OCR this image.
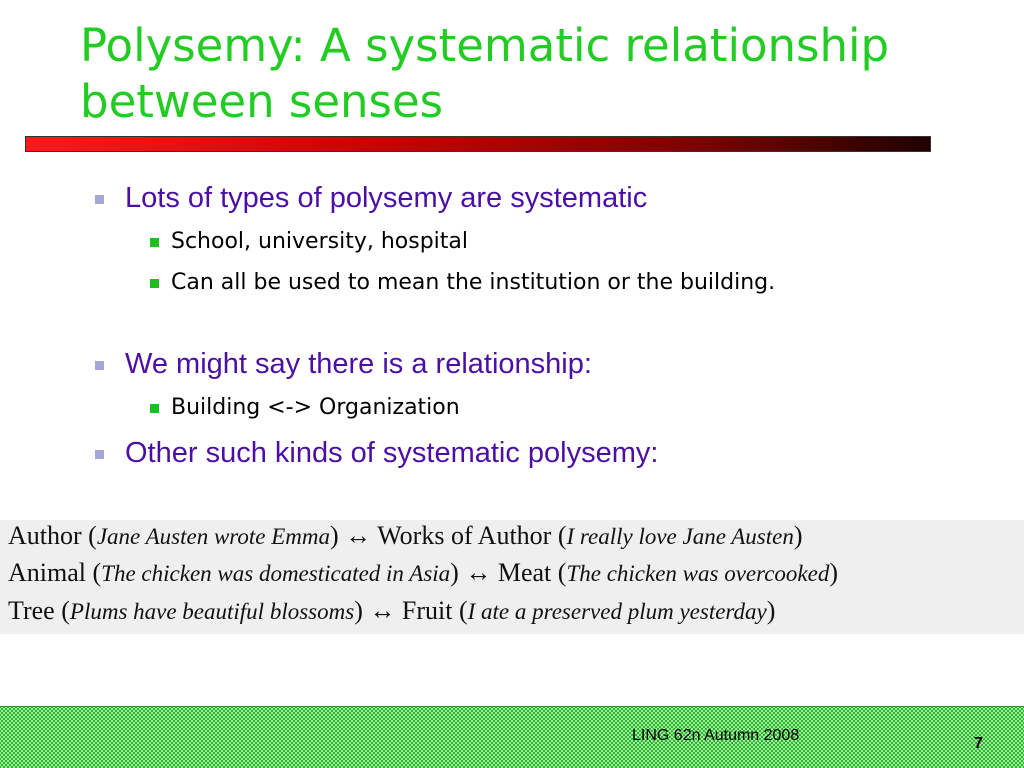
Polysemy: A systematic relationship between senses
Lots of types of polysemy are systematic
School, university, hospital
Can all be used to mean the institution or the building.
We might say there is a relationship:
Building <-> Organization
Other such kinds of systematic polysemy:
Author (Jane Austen wrote Emma) ↔ Works of Author (I really love Jane Austen)
Animal (The chicken was domesticated in Asia) ↔ Meat (The chicken was overcooked)
Tree (Plums have beautiful blossoms) ↔ Fruit (I ate a preserved plum yesterday)
LING 62n Autumn 2008	7
